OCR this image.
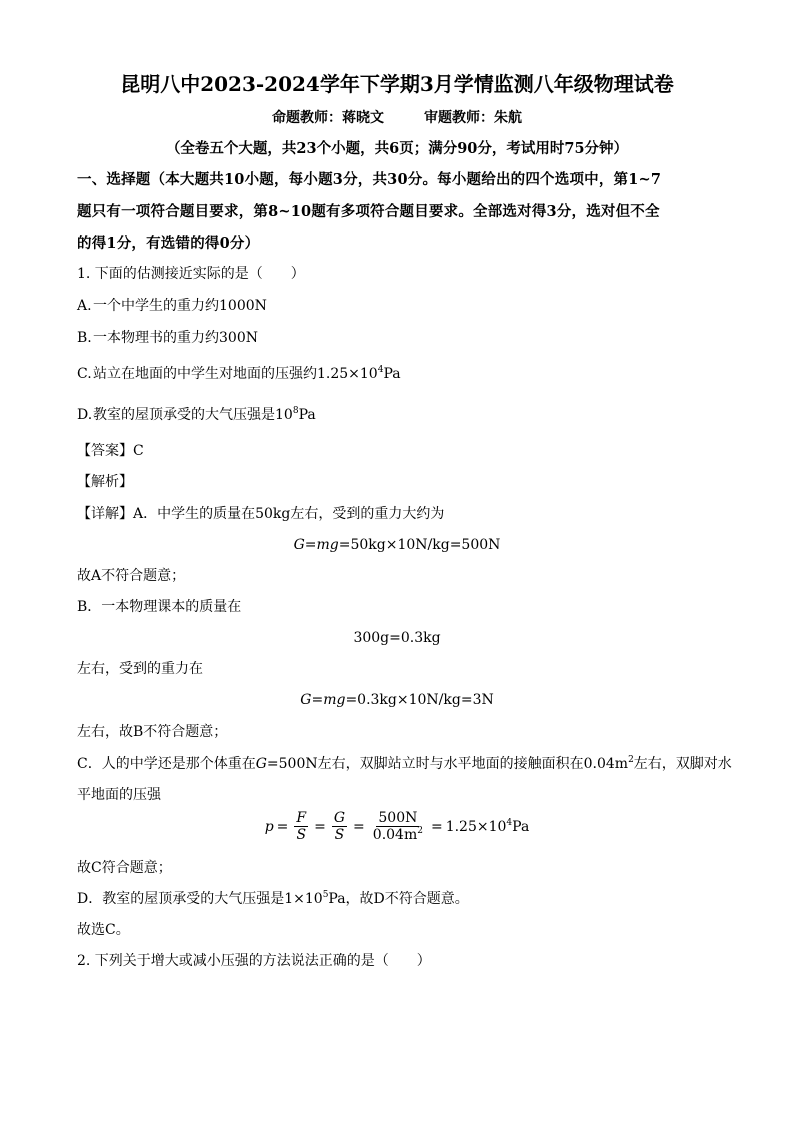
昆明八中2023-2024学年下学期3月学情监测八年级物理试卷
命题教师：蒋晓文	审题教师：朱航
（全卷五个大题，共23个小题，共6页；满分90分，考试用时75分钟）
一、选择题（本大题共10小题，每小题3分，共30分。每小题给出的四个选项中，第1~7
题只有一项符合题目要求，第8~10题有多项符合题目要求。全部选对得3分，选对但不全
的得1分，有选错的得0分）
1. 下面的估测接近实际的是（　　）
A.一个中学生的重力约1000N
B.一本物理书的重力约300N
C.站立在地面的中学生对地面的压强约$1.25\times 10^4Pa$
D.教室的屋顶承受的大气压强是$10^8Pa$
【答案】C
【解析】
【详解】A．中学生的质量在50kg左右，受到的重力大约为
G=mg=50kg×10N/kg=500N
故A不符合题意；
B．一本物理课本的质量在
300g=0.3kg
左右，受到的重力在
G=mg=0.3kg×10N/kg=3N
左右，故B不符合题意；
C．人的中学还是那个体重在G=500N左右，双脚站立时与水平地面的接触面积在$0.04m^2$左右，双脚对水
平地面的压强
$p = \frac{F}{S} = \frac{G}{S} = \frac{500N}{0.04m^2} = 1.25\times 10^4Pa$
故C符合题意；
D．教室的屋顶承受的大气压强是$1\times 10^5Pa$，故D不符合题意。
故选C。
2. 下列关于增大或减小压强的方法说法正确的是（　　）
